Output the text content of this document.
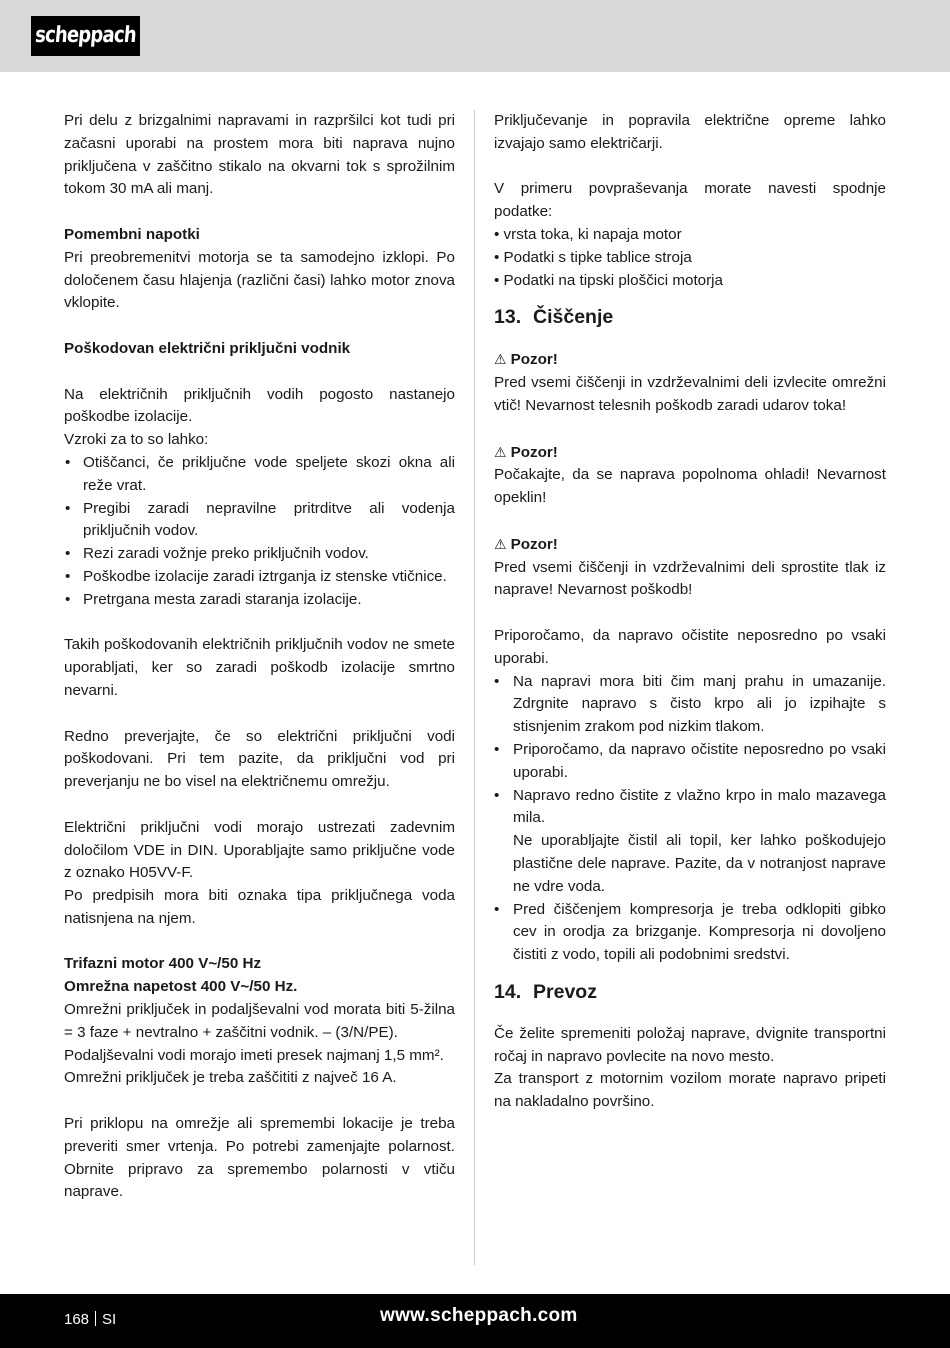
scheppach

Pri delu z brizgalnimi napravami in razpršilci kot tudi pri začasni uporabi na prostem mora biti naprava nujno priključena v zaščitno stikalo na okvarni tok s sprožilnim tokom 30 mA ali manj.

Pomembni napotki

Pri preobremenitvi motorja se ta samodejno izklopi. Po določenem času hlajenja (različni časi) lahko motor znova vklopite.

Poškodovan električni priključni vodnik

Na električnih priključnih vodih pogosto nastanejo poškodbe izolacije.

Vzroki za to so lahko:

• Otiščanci, če priključne vode speljete skozi okna ali reže vrat.
• Pregibi zaradi nepravilne pritrditve ali vodenja priključnih vodov.
• Rezi zaradi vožnje preko priključnih vodov.
• Poškodbe izolacije zaradi iztrganja iz stenske vtičnice.
• Pretrgana mesta zaradi staranja izolacije.

Takih poškodovanih električnih priključnih vodov ne smete uporabljati, ker so zaradi poškodb izolacije smrtno nevarni.

Redno preverjajte, če so električni priključni vodi poškodovani. Pri tem pazite, da priključni vod pri preverjanju ne bo visel na električnemu omrežju.

Električni priključni vodi morajo ustrezati zadevnim določilom VDE in DIN. Uporabljajte samo priključne vode z oznako H05VV-F.

Po predpisih mora biti oznaka tipa priključnega voda natisnjena na njem.

Trifazni motor 400 V~/50 Hz

Omrežna napetost 400 V~/50 Hz.

Omrežni priključek in podaljševalni vod morata biti 5-žilna = 3 faze + nevtralno + zaščitni vodnik. – (3/N/PE).

Podaljševalni vodi morajo imeti presek najmanj 1,5 mm².

Omrežni priključek je treba zaščititi z največ 16 A.

Pri priklopu na omrežje ali spremembi lokacije je treba preveriti smer vrtenja. Po potrebi zamenjajte polarnost. Obrnite pripravo za spremembo polarnosti v vtiču naprave.

Priključevanje in popravila električne opreme lahko izvajajo samo električarji.

V primeru povpraševanja morate navesti spodnje podatke:

• vrsta toka, ki napaja motor

• Podatki s tipke tablice stroja

• Podatki na tipski ploščici motorja

13. Čiščenje

⚠ Pozor!

Pred vsemi čiščenji in vzdrževalnimi deli izvlecite omrežni vtič! Nevarnost telesnih poškodb zaradi udarov toka!

⚠ Pozor!

Počakajte, da se naprava popolnoma ohladi! Nevarnost opeklin!

⚠ Pozor!

Pred vsemi čiščenji in vzdrževalnimi deli sprostite tlak iz naprave! Nevarnost poškodb!

Priporočamo, da napravo očistite neposredno po vsaki uporabi.

• Na napravi mora biti čim manj prahu in umazanije. Zdrgnite napravo s čisto krpo ali jo izpihajte s stisnjenim zrakom pod nizkim tlakom.
• Priporočamo, da napravo očistite neposredno po vsaki uporabi.
• Napravo redno čistite z vlažno krpo in malo mazavega mila.
Ne uporabljajte čistil ali topil, ker lahko poškodujejo plastične dele naprave. Pazite, da v notranjost naprave ne vdre voda.
• Pred čiščenjem kompresorja je treba odklopiti gibko cev in orodja za brizganje. Kompresorja ni dovoljeno čistiti z vodo, topili ali podobnimi sredstvi.
14. Prevoz

Če želite spremeniti položaj naprave, dvignite transportni ročaj in napravo povlecite na novo mesto.

Za transport z motornim vozilom morate napravo pripeti na nakladalno površino.

168 SI	www.scheppach.com
